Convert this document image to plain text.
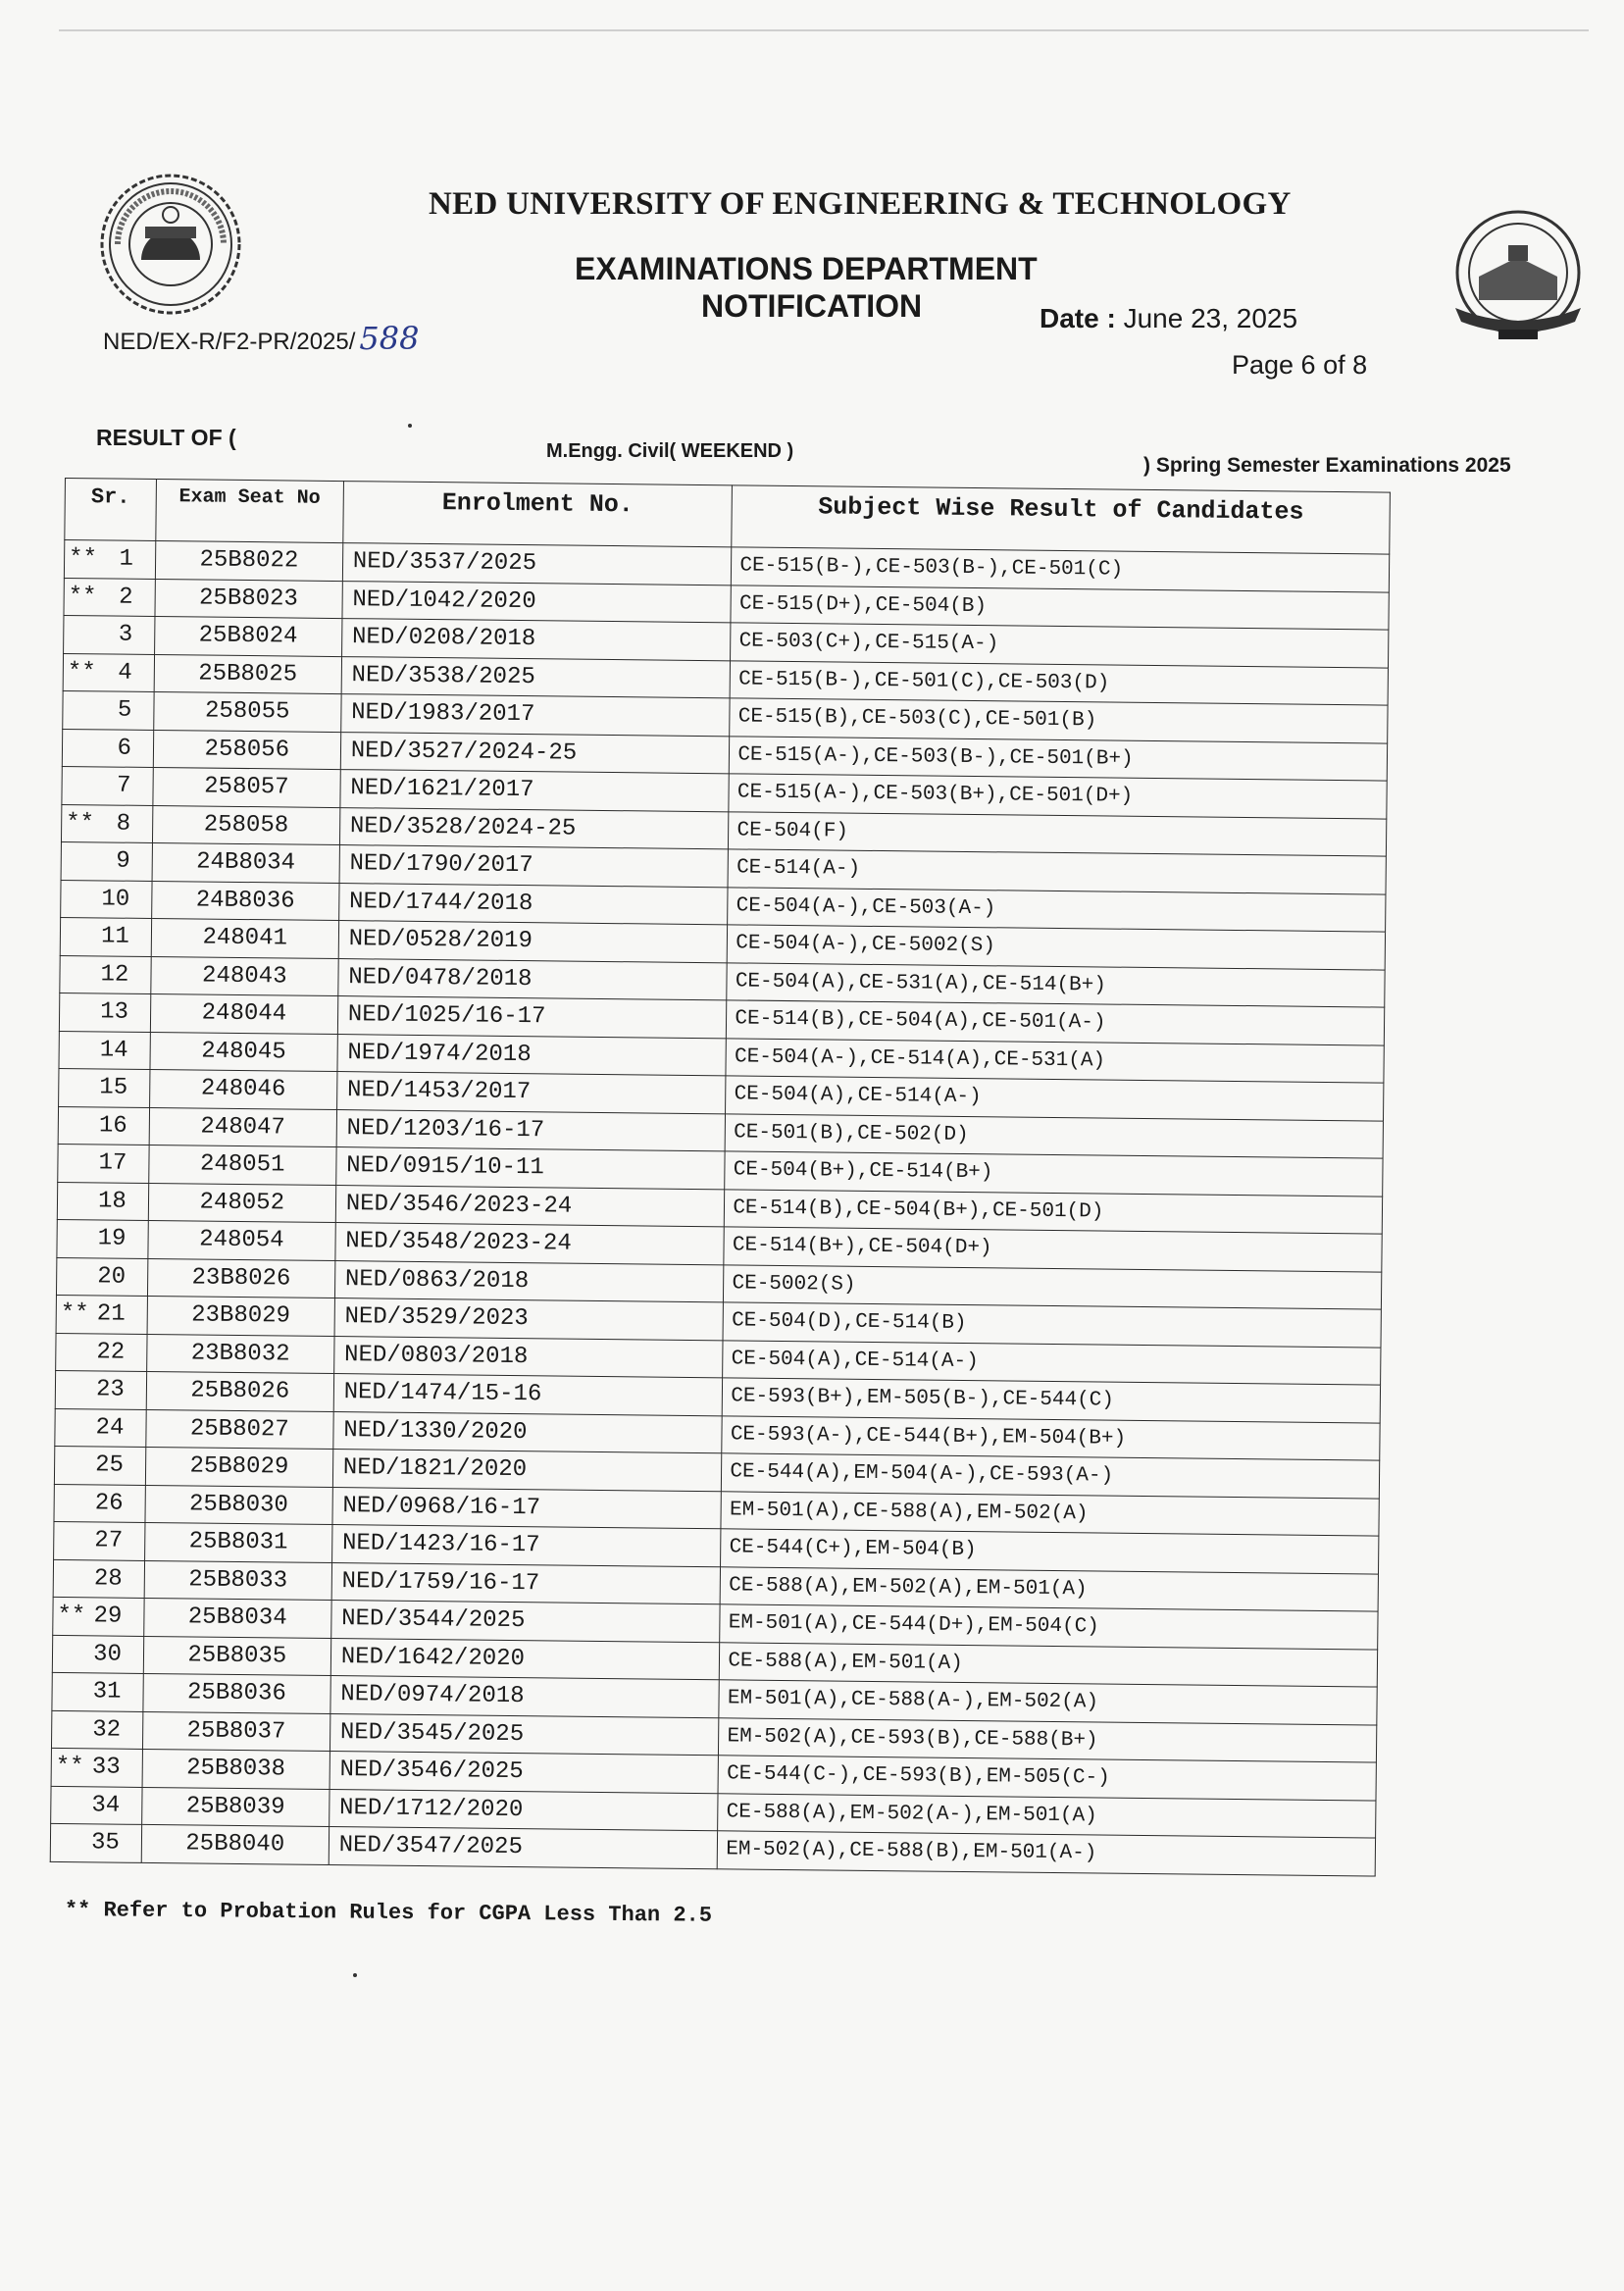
NED UNIVERSITY OF ENGINEERING & TECHNOLOGY
EXAMINATIONS DEPARTMENT
NOTIFICATION
NED/EX-R/F2-PR/2025/ 588
Date : June 23, 2025
Page 6 of 8
RESULT OF (
M.Engg. Civil( WEEKEND )
) Spring Semester Examinations 2025
Sr.	Exam Seat No	Enrolment No.	Subject Wise Result of Candidates

** 1	25B8022	NED/3537/2025	CE-515(B-),CE-503(B-),CE-501(C)

** 2	25B8023	NED/1042/2020	CE-515(D+),CE-504(B)

3	25B8024	NED/0208/2018	CE-503(C+),CE-515(A-)

** 4	25B8025	NED/3538/2025	CE-515(B-),CE-501(C),CE-503(D)

5	258055	NED/1983/2017	CE-515(B),CE-503(C),CE-501(B)

6	258056	NED/3527/2024-25	CE-515(A-),CE-503(B-),CE-501(B+)

7	258057	NED/1621/2017	CE-515(A-),CE-503(B+),CE-501(D+)

** 8	258058	NED/3528/2024-25	CE-504(F)

9	24B8034	NED/1790/2017	CE-514(A-)

10	24B8036	NED/1744/2018	CE-504(A-),CE-503(A-)

11	248041	NED/0528/2019	CE-504(A-),CE-5002(S)

12	248043	NED/0478/2018	CE-504(A),CE-531(A),CE-514(B+)

13	248044	NED/1025/16-17	CE-514(B),CE-504(A),CE-501(A-)

14	248045	NED/1974/2018	CE-504(A-),CE-514(A),CE-531(A)

15	248046	NED/1453/2017	CE-504(A),CE-514(A-)

16	248047	NED/1203/16-17	CE-501(B),CE-502(D)

17	248051	NED/0915/10-11	CE-504(B+),CE-514(B+)

18	248052	NED/3546/2023-24	CE-514(B),CE-504(B+),CE-501(D)

19	248054	NED/3548/2023-24	CE-514(B+),CE-504(D+)

20	23B8026	NED/0863/2018	CE-5002(S)

** 21	23B8029	NED/3529/2023	CE-504(D),CE-514(B)

22	23B8032	NED/0803/2018	CE-504(A),CE-514(A-)

23	25B8026	NED/1474/15-16	CE-593(B+),EM-505(B-),CE-544(C)

24	25B8027	NED/1330/2020	CE-593(A-),CE-544(B+),EM-504(B+)

25	25B8029	NED/1821/2020	CE-544(A),EM-504(A-),CE-593(A-)

26	25B8030	NED/0968/16-17	EM-501(A),CE-588(A),EM-502(A)

27	25B8031	NED/1423/16-17	CE-544(C+),EM-504(B)

28	25B8033	NED/1759/16-17	CE-588(A),EM-502(A),EM-501(A)

** 29	25B8034	NED/3544/2025	EM-501(A),CE-544(D+),EM-504(C)

30	25B8035	NED/1642/2020	CE-588(A),EM-501(A)

31	25B8036	NED/0974/2018	EM-501(A),CE-588(A-),EM-502(A)

32	25B8037	NED/3545/2025	EM-502(A),CE-593(B),CE-588(B+)

** 33	25B8038	NED/3546/2025	CE-544(C-),CE-593(B),EM-505(C-)

34	25B8039	NED/1712/2020	CE-588(A),EM-502(A-),EM-501(A)

35	25B8040	NED/3547/2025	EM-502(A),CE-588(B),EM-501(A-)
** Refer to Probation Rules for CGPA Less Than 2.5
